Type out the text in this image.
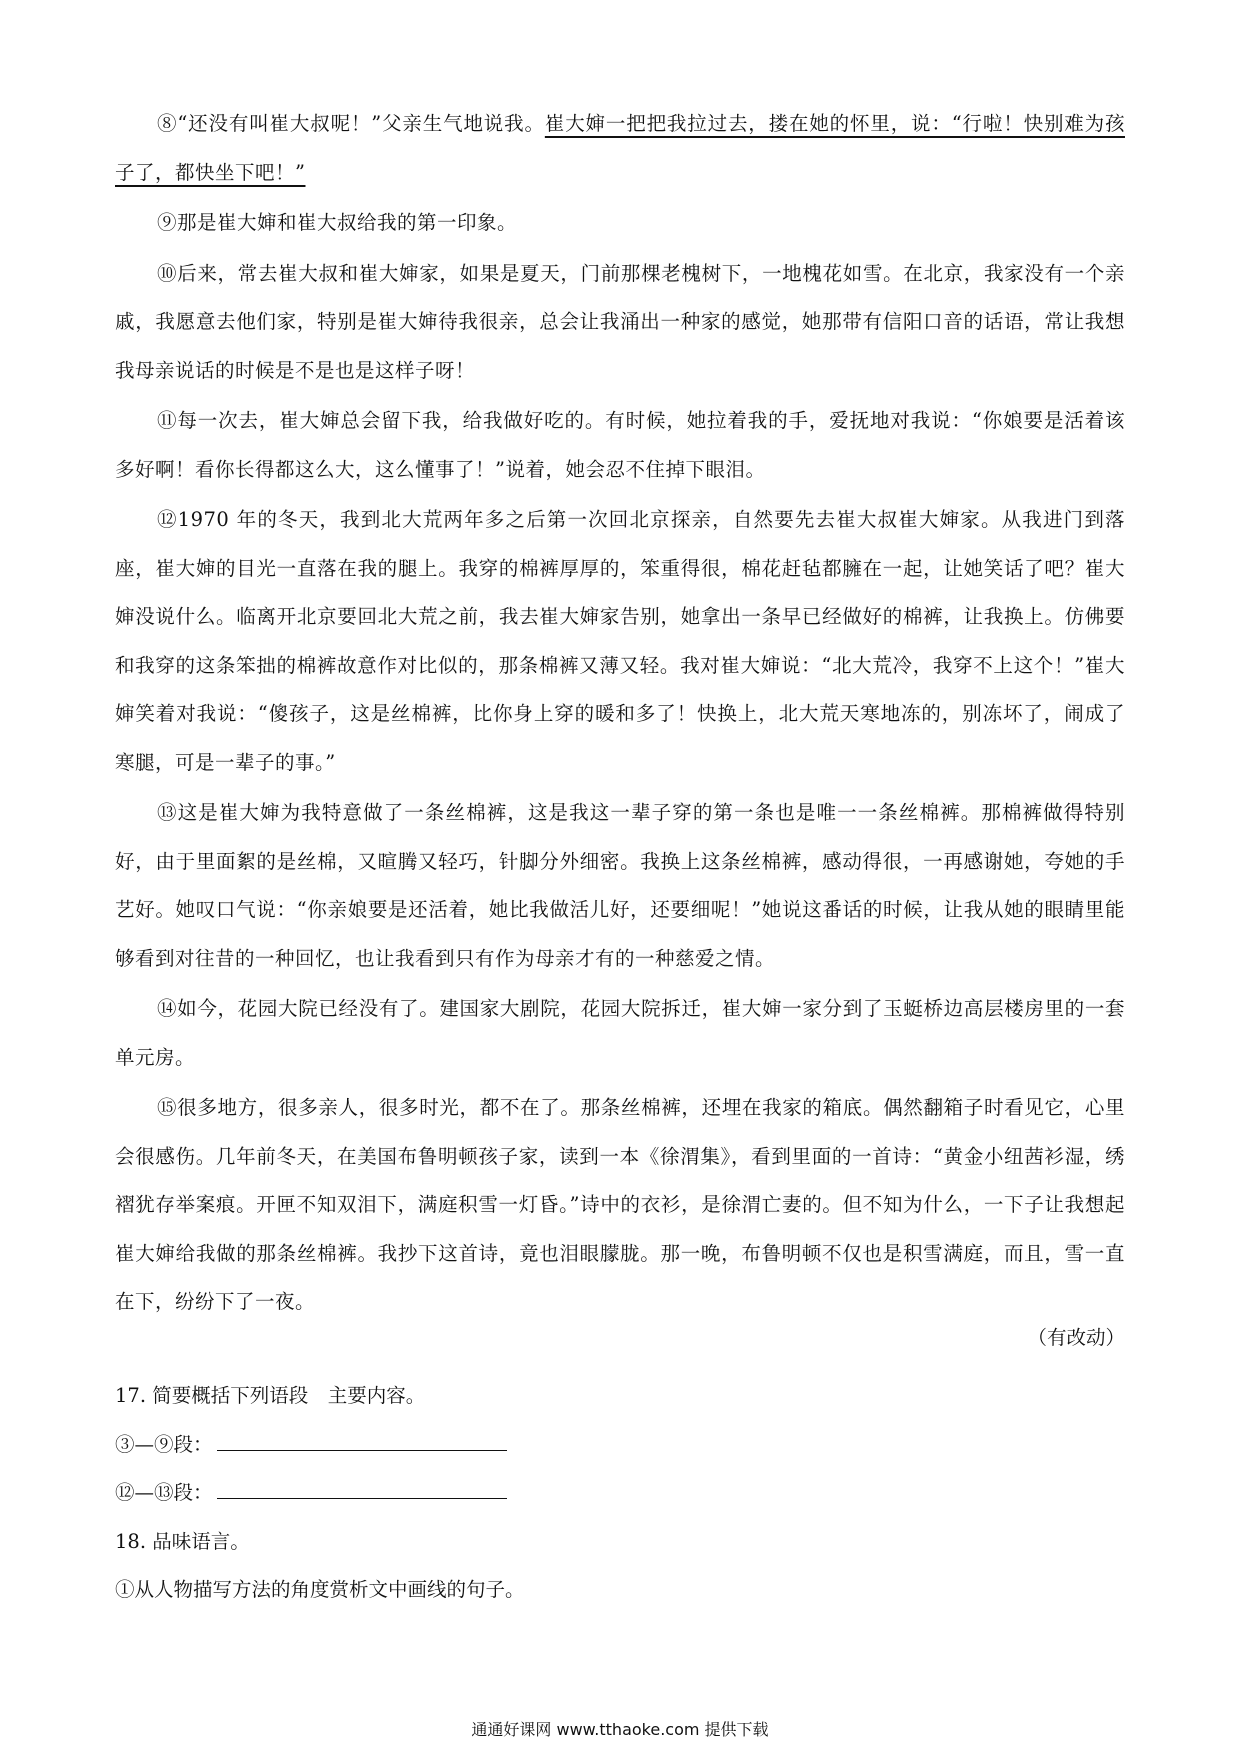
⑧“还没有叫崔大叔呢！”父亲生气地说我。崔大婶一把把我拉过去，搂在她的怀里，说：“行啦！快别难为孩子了，都快坐下吧！”

⑨那是崔大婶和崔大叔给我的第一印象。

⑩后来，常去崔大叔和崔大婶家，如果是夏天，门前那棵老槐树下，一地槐花如雪。在北京，我家没有一个亲戚，我愿意去他们家，特别是崔大婶待我很亲，总会让我涌出一种家的感觉，她那带有信阳口音的话语，常让我想我母亲说话的时候是不是也是这样子呀！

⑪每一次去，崔大婶总会留下我，给我做好吃的。有时候，她拉着我的手，爱抚地对我说：“你娘要是活着该多好啊！看你长得都这么大，这么懂事了！”说着，她会忍不住掉下眼泪。

⑫1970 年的冬天，我到北大荒两年多之后第一次回北京探亲，自然要先去崔大叔崔大婶家。从我进门到落座，崔大婶的目光一直落在我的腿上。我穿的棉裤厚厚的，笨重得很，棉花赶毡都臃在一起，让她笑话了吧？崔大婶没说什么。临离开北京要回北大荒之前，我去崔大婶家告别，她拿出一条早已经做好的棉裤，让我换上。仿佛要和我穿的这条笨拙的棉裤故意作对比似的，那条棉裤又薄又轻。我对崔大婶说：“北大荒冷，我穿不上这个！”崔大婶笑着对我说：“傻孩子，这是丝棉裤，比你身上穿的暖和多了！快换上，北大荒天寒地冻的，别冻坏了，闹成了寒腿，可是一辈子的事。”

⑬这是崔大婶为我特意做了一条丝棉裤，这是我这一辈子穿的第一条也是唯一一条丝棉裤。那棉裤做得特别好，由于里面絮的是丝棉，又暄腾又轻巧，针脚分外细密。我换上这条丝棉裤，感动得很，一再感谢她，夸她的手艺好。她叹口气说：“你亲娘要是还活着，她比我做活儿好，还要细呢！”她说这番话的时候，让我从她的眼睛里能够看到对往昔的一种回忆，也让我看到只有作为母亲才有的一种慈爱之情。

⑭如今，花园大院已经没有了。建国家大剧院，花园大院拆迁，崔大婶一家分到了玉蜓桥边高层楼房里的一套单元房。

⑮很多地方，很多亲人，很多时光，都不在了。那条丝棉裤，还埋在我家的箱底。偶然翻箱子时看见它，心里会很感伤。几年前冬天，在美国布鲁明顿孩子家，读到一本《徐渭集》，看到里面的一首诗：“黄金小纽茜衫湿，绣褶犹存举案痕。开匣不知双泪下，满庭积雪一灯昏。”诗中的衣衫，是徐渭亡妻的。但不知为什么，一下子让我想起崔大婶给我做的那条丝棉裤。我抄下这首诗，竟也泪眼朦胧。那一晚，布鲁明顿不仅也是积雪满庭，而且，雪一直在下，纷纷下了一夜。

（有改动）

17. 简要概括下列语段　主要内容。

③—⑨段：

⑫—⑬段：

18. 品味语言。

①从人物描写方法的角度赏析文中画线的句子。

通通好课网 www.tthaoke.com 提供下载
